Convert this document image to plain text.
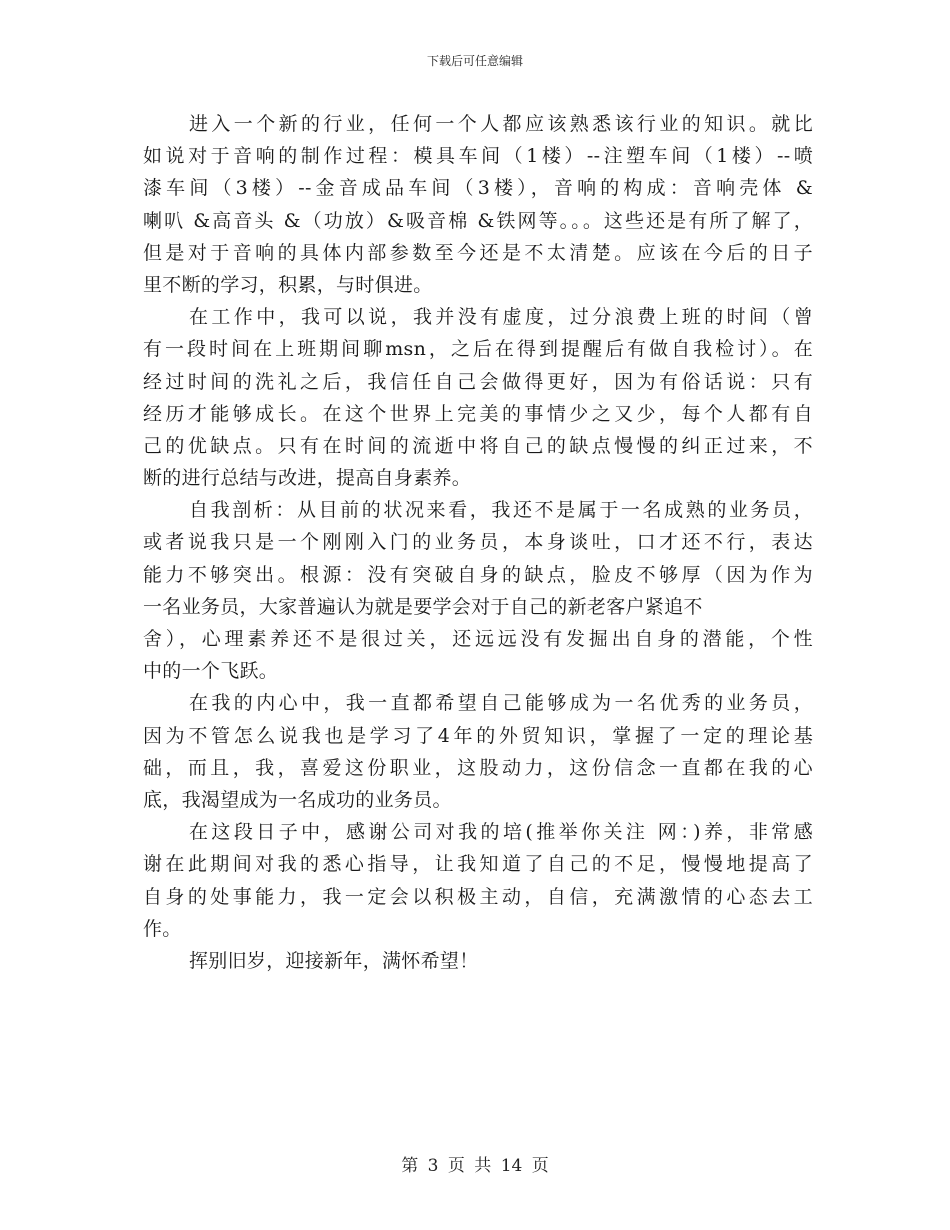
下载后可任意编辑
进入一个新的行业，任何一个人都应该熟悉该行业的知识。就比
如说对于音响的制作过程：模具车间（1楼）--注塑车间（1楼）--喷
漆车间（3楼）--金音成品车间（3楼），音响的构成：音响壳体 &
喇叭 &高音头 &（功放）&吸音棉 &铁网等。。。这些还是有所了解了，
但是对于音响的具体内部参数至今还是不太清楚。应该在今后的日子
里不断的学习，积累，与时俱进。
在工作中，我可以说，我并没有虚度，过分浪费上班的时间（曾
有一段时间在上班期间聊msn，之后在得到提醒后有做自我检讨）。在
经过时间的洗礼之后，我信任自己会做得更好，因为有俗话说：只有
经历才能够成长。在这个世界上完美的事情少之又少，每个人都有自
己的优缺点。只有在时间的流逝中将自己的缺点慢慢的纠正过来，不
断的进行总结与改进，提高自身素养。
自我剖析：从目前的状况来看，我还不是属于一名成熟的业务员，
或者说我只是一个刚刚入门的业务员，本身谈吐，口才还不行，表达
能力不够突出。根源：没有突破自身的缺点，脸皮不够厚（因为作为
一名业务员，大家普遍认为就是要学会对于自己的新老客户紧追不
舍），心理素养还不是很过关，还远远没有发掘出自身的潜能，个性
中的一个飞跃。
在我的内心中，我一直都希望自己能够成为一名优秀的业务员，
因为不管怎么说我也是学习了4年的外贸知识，掌握了一定的理论基
础，而且，我，喜爱这份职业，这股动力，这份信念一直都在我的心
底，我渴望成为一名成功的业务员。
在这段日子中，感谢公司对我的培(推举你关注 网：)养，非常感
谢在此期间对我的悉心指导，让我知道了自己的不足，慢慢地提高了
自身的处事能力，我一定会以积极主动，自信，充满激情的心态去工
作。
挥别旧岁，迎接新年，满怀希望！
第 3 页 共 14 页
